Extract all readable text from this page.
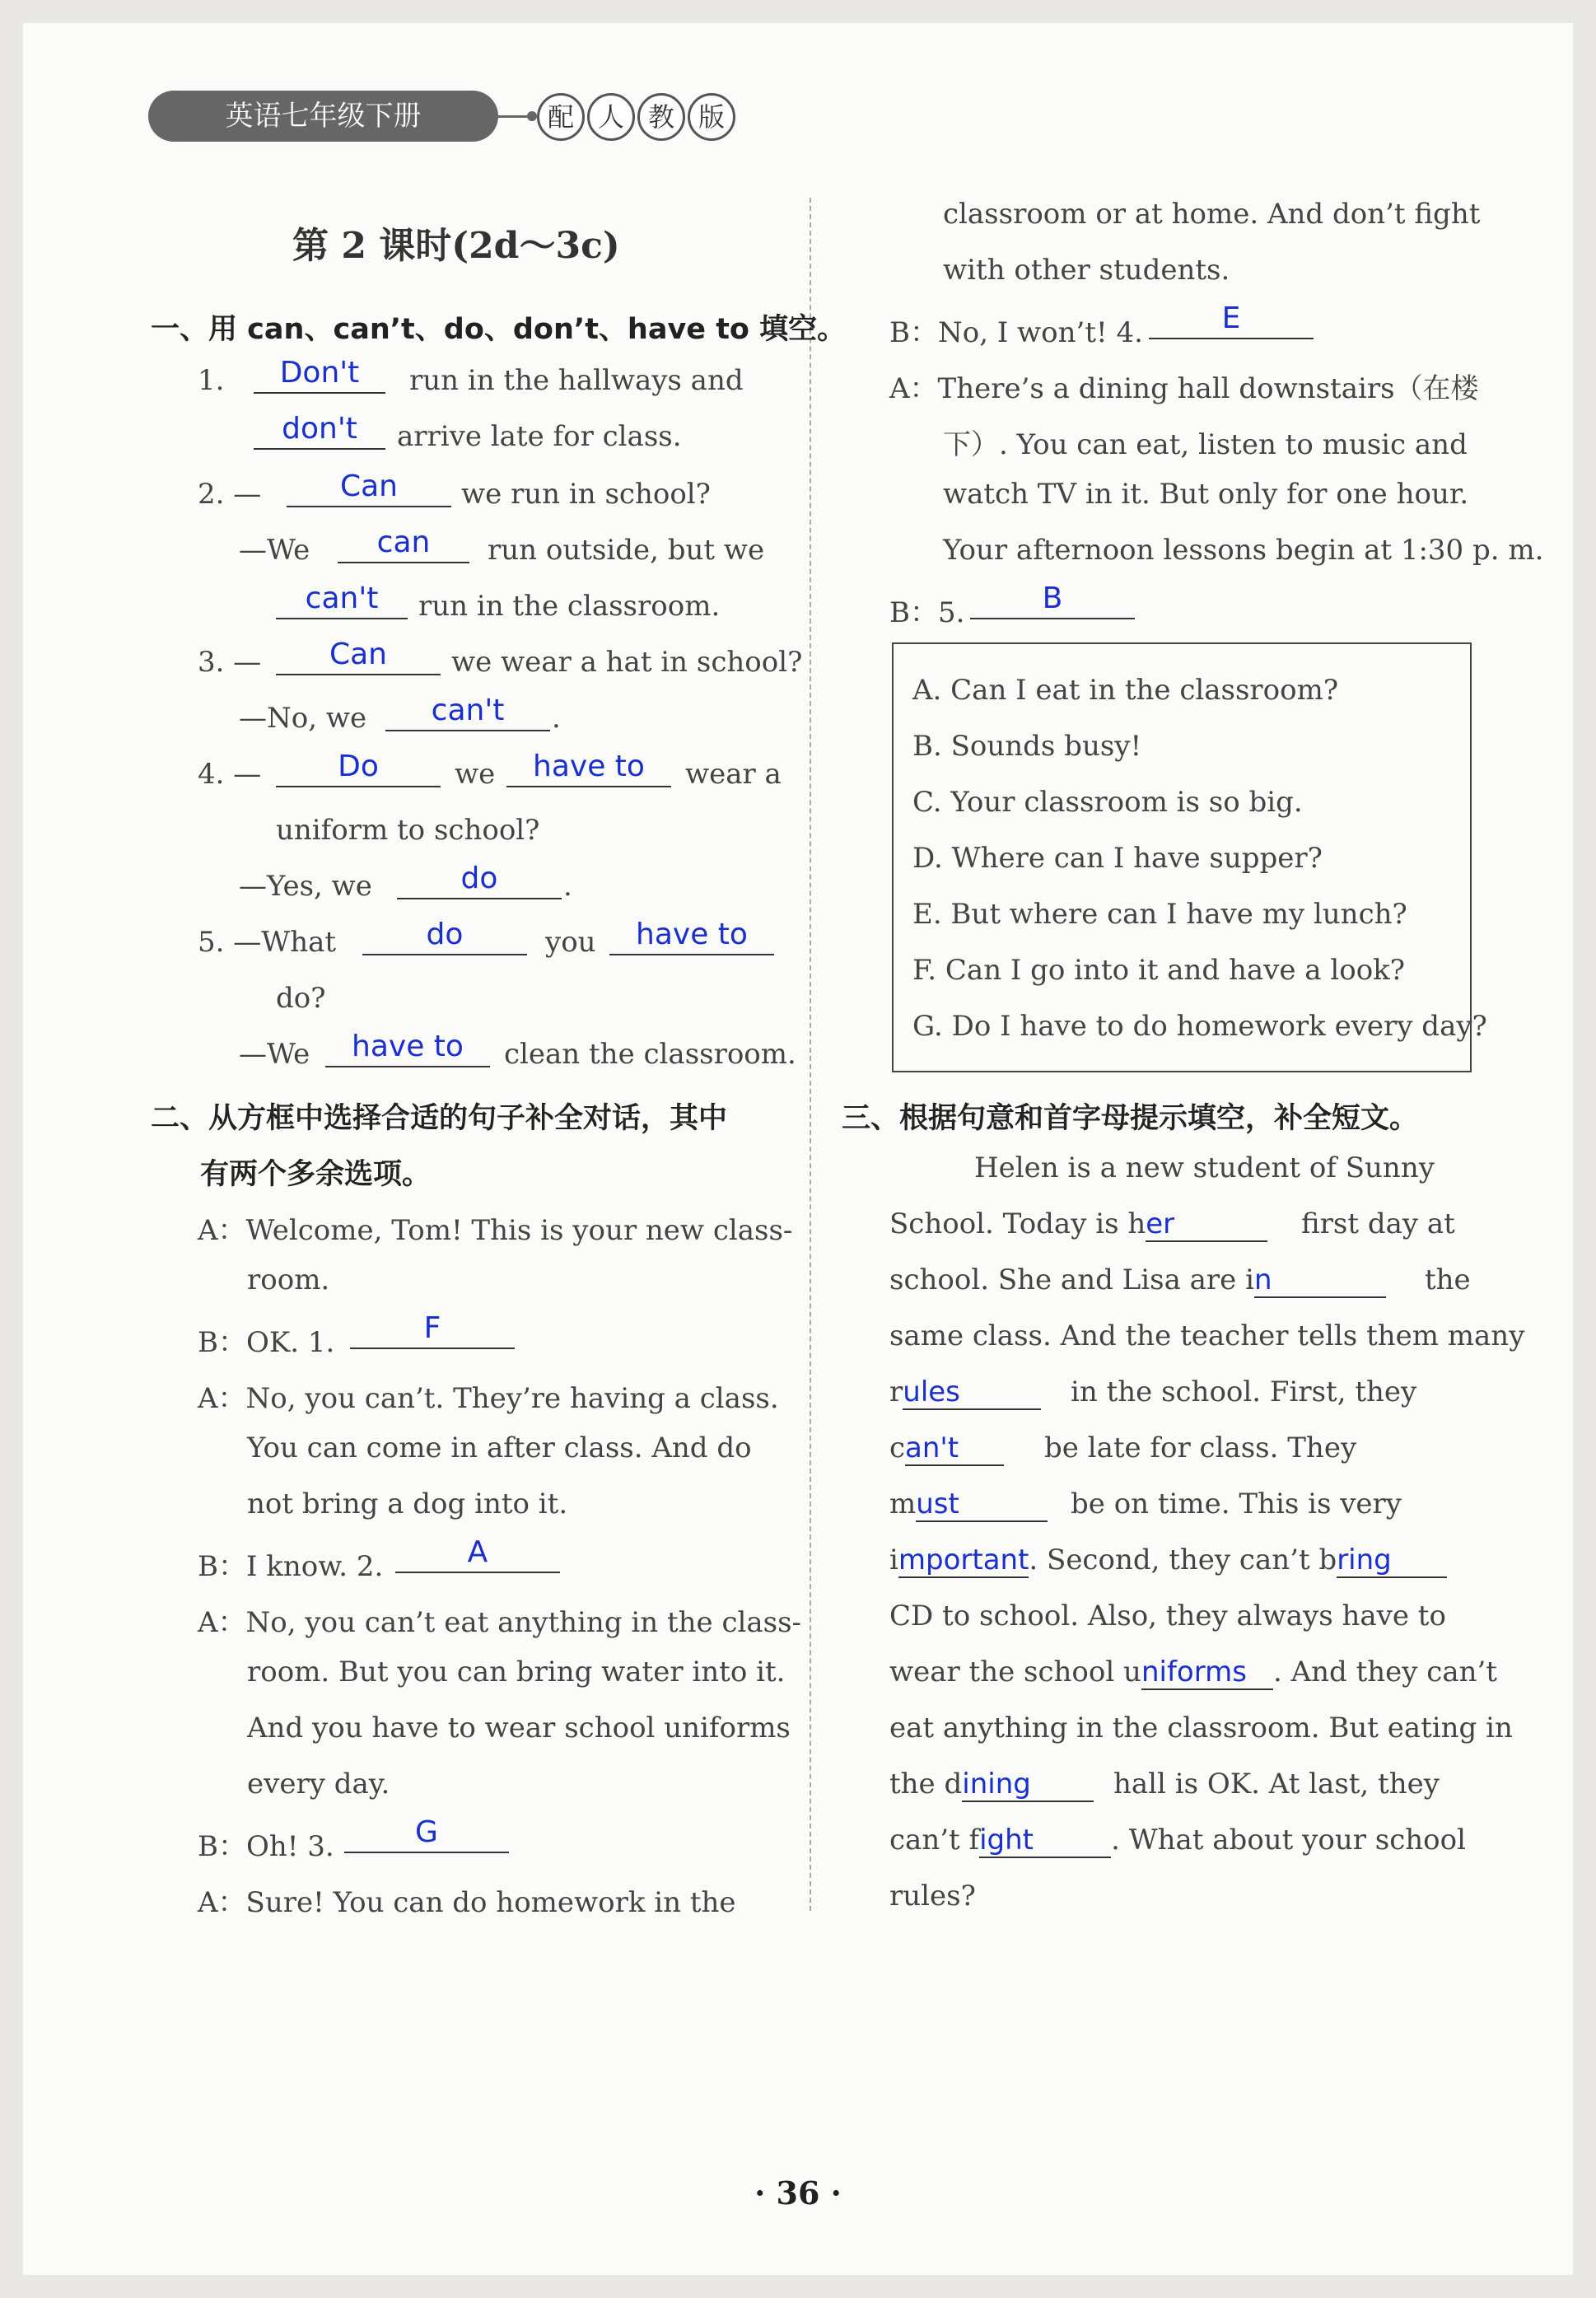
英语七年级下册	配 人 教 版
第 2 课时(2d～3c)
一、用 can、can’t、do、don’t、have to 填空。
1.	Don't	run in the hallways and
don't	arrive late for class.
2. —	Can	we run in school?
—We	can	run outside, but we
can't	run in the classroom.
3. —	Can	we wear a hat in school?
—No, we	can't	.
4. —	Do	we	have to	wear a
uniform to school?
—Yes, we	do	.
5. —What	do	you	have to
do?
—We	have to	clean the classroom.
二、从方框中选择合适的句子补全对话，其中
有两个多余选项。
A：Welcome, Tom! This is your new class-
room.
B：OK. 1.	F
A：No, you can’t. They’re having a class.
You can come in after class. And do
not bring a dog into it.
B：I know. 2.	A
A：No, you can’t eat anything in the class-
room. But you can bring water into it.
And you have to wear school uniforms
every day.
B：Oh! 3.	G
A：Sure! You can do homework in the
classroom or at home. And don’t fight
with other students.
B：No, I won’t! 4.	E
A：There’s a dining hall downstairs（在楼
下）. You can eat, listen to music and
watch TV in it. But only for one hour.
Your afternoon lessons begin at 1:30 p. m.
B：5.	B
A. Can I eat in the classroom?
B. Sounds busy!
C. Your classroom is so big.
D. Where can I have supper?
E. But where can I have my lunch?
F. Can I go into it and have a look?
G. Do I have to do homework every day?
三、根据句意和首字母提示填空，补全短文。
Helen is a new student of Sunny
School. Today is her	first day at
school. She and Lisa are in	the
same class. And the teacher tells them many
rules	in the school. First, they
can't	be late for class. They
must	be on time. This is very
important. Second, they can’t bring
CD to school. Also, they always have to
wear the school uniforms . And they can’t
eat anything in the classroom. But eating in
the dining	hall is OK. At last, they
can’t fight	. What about your school
rules?
· 36 ·
